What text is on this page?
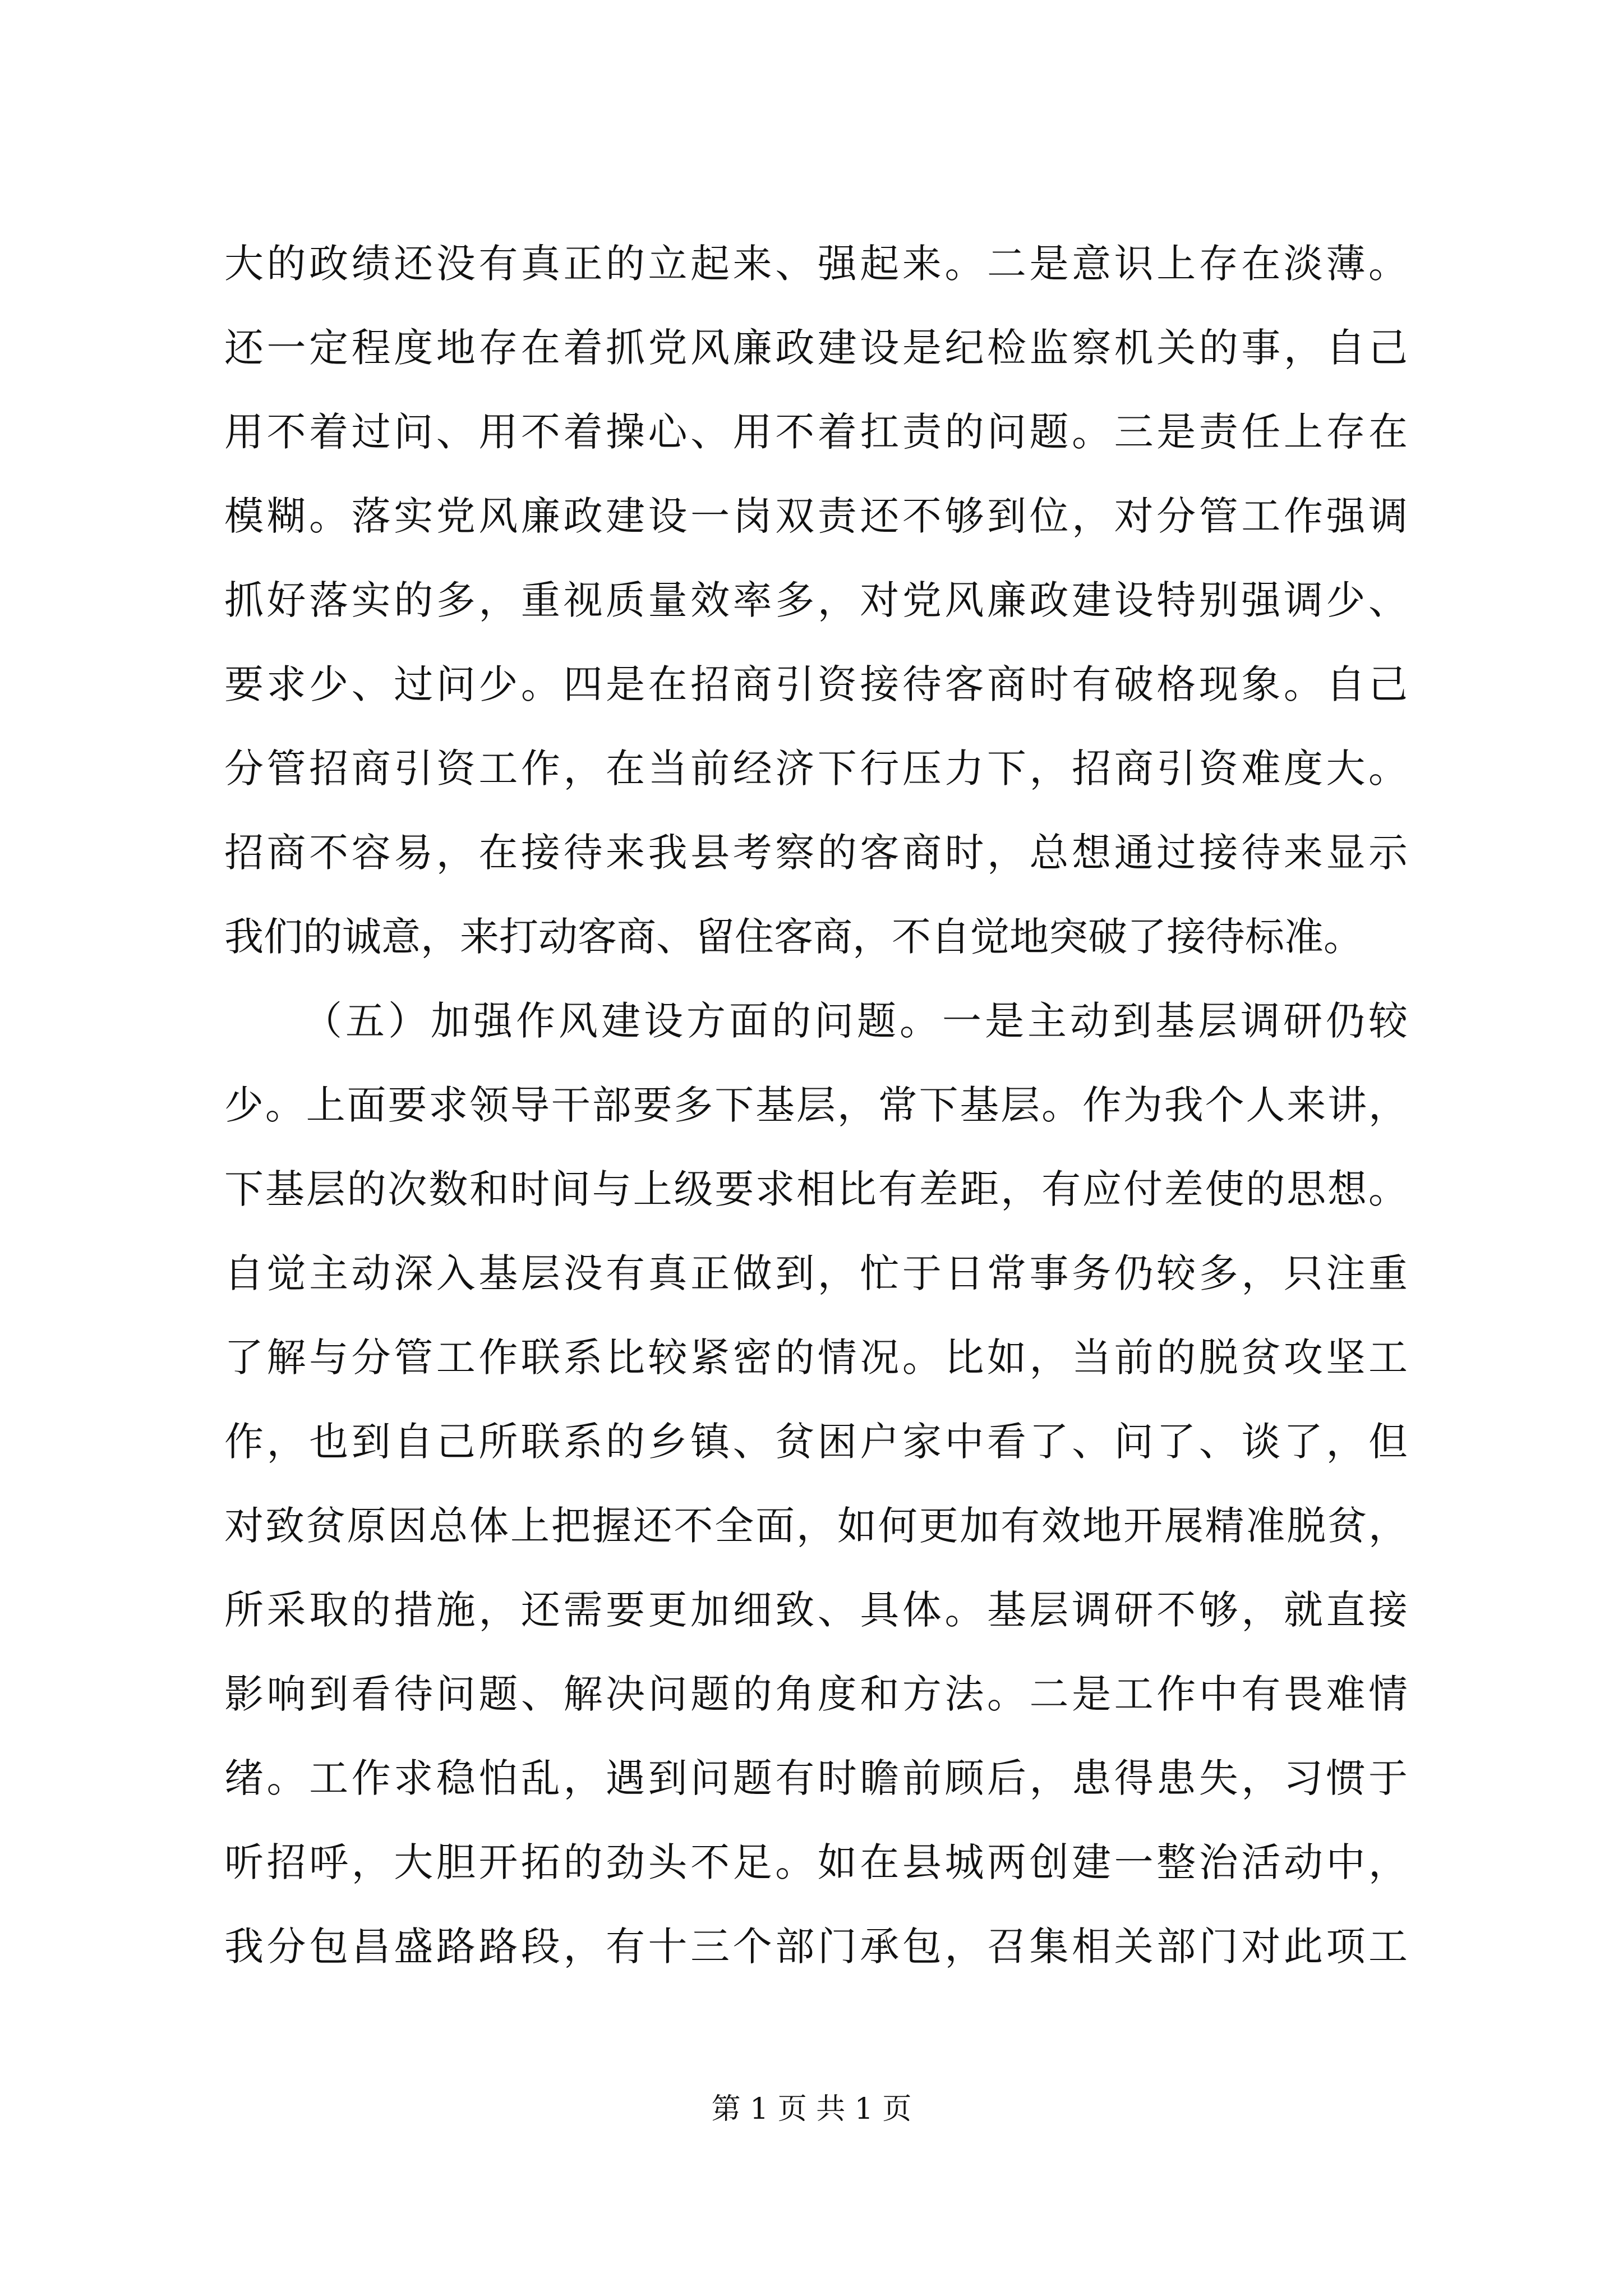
大的政绩还没有真正的立起来、强起来。二是意识上存在淡薄。
还一定程度地存在着抓党风廉政建设是纪检监察机关的事，自己
用不着过问、用不着操心、用不着扛责的问题。三是责任上存在
模糊。落实党风廉政建设一岗双责还不够到位，对分管工作强调
抓好落实的多，重视质量效率多，对党风廉政建设特别强调少、
要求少、过问少。四是在招商引资接待客商时有破格现象。自己
分管招商引资工作，在当前经济下行压力下，招商引资难度大。
招商不容易，在接待来我县考察的客商时，总想通过接待来显示
我们的诚意，来打动客商、留住客商，不自觉地突破了接待标准。
（五）加强作风建设方面的问题。一是主动到基层调研仍较
少。上面要求领导干部要多下基层，常下基层。作为我个人来讲，
下基层的次数和时间与上级要求相比有差距，有应付差使的思想。
自觉主动深入基层没有真正做到，忙于日常事务仍较多，只注重
了解与分管工作联系比较紧密的情况。比如，当前的脱贫攻坚工
作，也到自己所联系的乡镇、贫困户家中看了、问了、谈了，但
对致贫原因总体上把握还不全面，如何更加有效地开展精准脱贫，
所采取的措施，还需要更加细致、具体。基层调研不够，就直接
影响到看待问题、解决问题的角度和方法。二是工作中有畏难情
绪。工作求稳怕乱，遇到问题有时瞻前顾后，患得患失，习惯于
听招呼，大胆开拓的劲头不足。如在县城两创建一整治活动中，
我分包昌盛路路段，有十三个部门承包，召集相关部门对此项工
第 1 页 共 1 页
